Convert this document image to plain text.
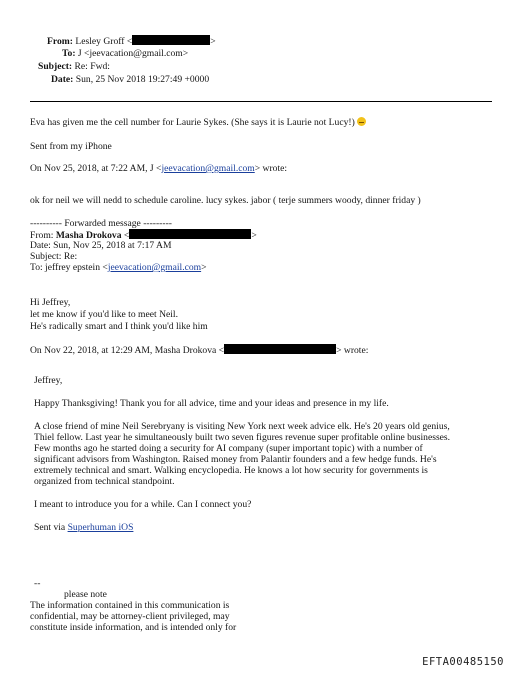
From: Lesley Groff <	>
To: J <jeevacation@gmail.com>
Subject: Re: Fwd:
Date: Sun, 25 Nov 2018 19:27:49 +0000
Eva has given me the cell number for Laurie Sykes. (She says it is Laurie not Lucy!)
Sent from my iPhone
On Nov 25, 2018, at 7:22 AM, J <jeevacation@gmail.com> wrote:
ok for neil we will nedd to schedule caroline. lucy sykes. jabor ( terje summers woody, dinner friday )
---------- Forwarded message ---------
From: Masha Drokova <	>
Date: Sun, Nov 25, 2018 at 7:17 AM
Subject: Re:
To: jeffrey epstein <jeevacation@gmail.com>
Hi Jeffrey,
let me know if you'd like to meet Neil.
He's radically smart and I think you'd like him
On Nov 22, 2018, at 12:29 AM, Masha Drokova <	> wrote:
Jeffrey,
Happy Thanksgiving! Thank you for all advice, time and your ideas and presence in my life.
A close friend of mine Neil Serebryany is visiting New York next week advice elk. He's 20 years old genius,
Thiel fellow. Last year he simultaneously built two seven figures revenue super profitable online businesses.
Few months ago he started doing a security for AI company (super important topic) with a number of
significant advisors from Washington. Raised money from Palantir founders and a few hedge funds. He's
extremely technical and smart. Walking encyclopedia. He knows a lot how security for governments is
organized from technical standpoint.
I meant to introduce you for a while. Can I connect you?
Sent via Superhuman iOS
--
please note
The information contained in this communication is
confidential, may be attorney-client privileged, may
constitute inside information, and is intended only for
EFTA00485150
